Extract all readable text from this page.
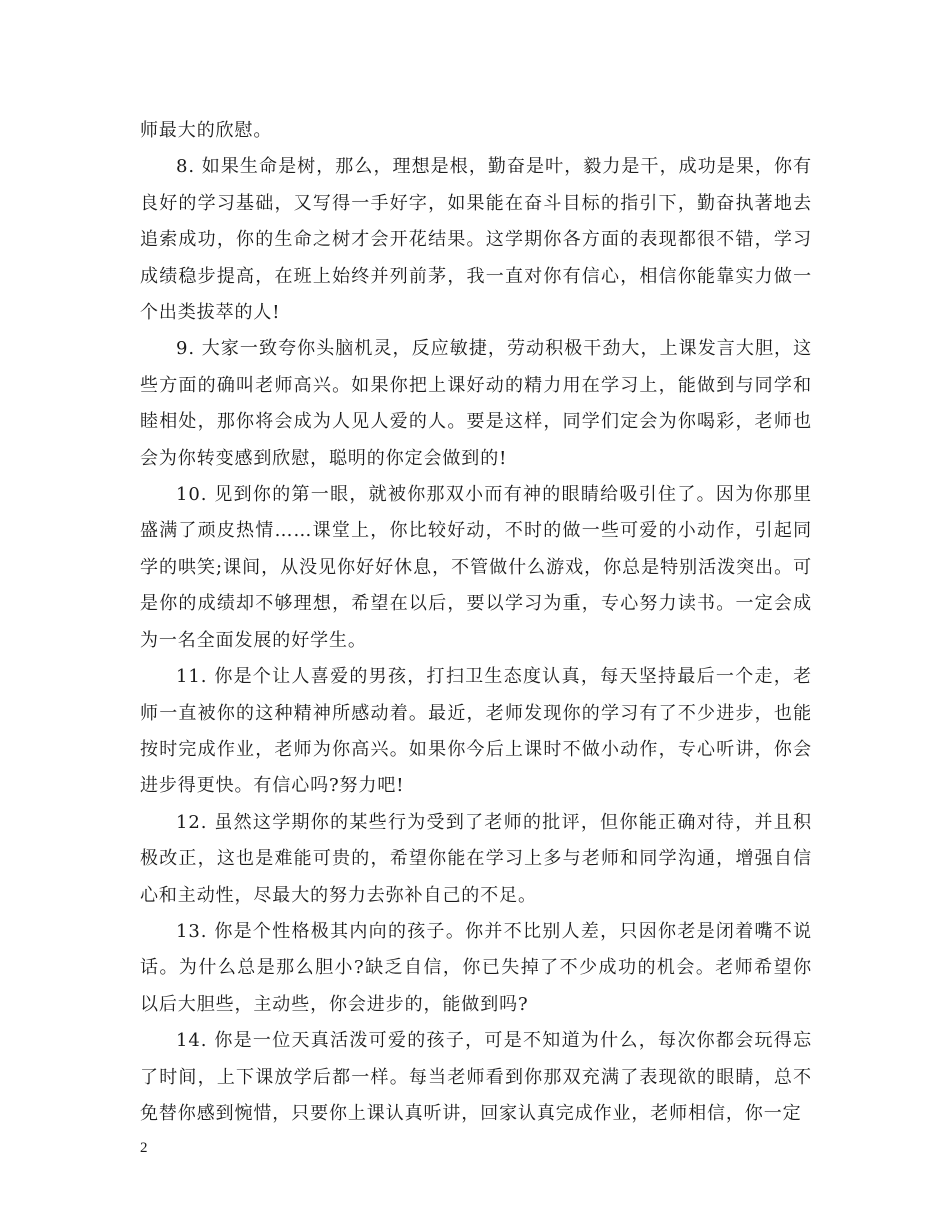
师最大的欣慰。

8. 如果生命是树，那么，理想是根，勤奋是叶，毅力是干，成功是果，你有良好的学习基础，又写得一手好字，如果能在奋斗目标的指引下，勤奋执著地去追索成功，你的生命之树才会开花结果。这学期你各方面的表现都很不错，学习成绩稳步提高，在班上始终并列前茅，我一直对你有信心，相信你能靠实力做一个出类拔萃的人!

9. 大家一致夸你头脑机灵，反应敏捷，劳动积极干劲大，上课发言大胆，这些方面的确叫老师高兴。如果你把上课好动的精力用在学习上，能做到与同学和睦相处，那你将会成为人见人爱的人。要是这样，同学们定会为你喝彩，老师也会为你转变感到欣慰，聪明的你定会做到的!

10. 见到你的第一眼，就被你那双小而有神的眼睛给吸引住了。因为你那里盛满了顽皮热情……课堂上，你比较好动，不时的做一些可爱的小动作，引起同学的哄笑;课间，从没见你好好休息，不管做什么游戏，你总是特别活泼突出。可是你的成绩却不够理想，希望在以后，要以学习为重，专心努力读书。一定会成为一名全面发展的好学生。

11. 你是个让人喜爱的男孩，打扫卫生态度认真，每天坚持最后一个走，老师一直被你的这种精神所感动着。最近，老师发现你的学习有了不少进步，也能按时完成作业，老师为你高兴。如果你今后上课时不做小动作，专心听讲，你会进步得更快。有信心吗?努力吧!

12. 虽然这学期你的某些行为受到了老师的批评，但你能正确对待，并且积极改正，这也是难能可贵的，希望你能在学习上多与老师和同学沟通，增强自信心和主动性，尽最大的努力去弥补自己的不足。

13. 你是个性格极其内向的孩子。你并不比别人差，只因你老是闭着嘴不说话。为什么总是那么胆小?缺乏自信，你已失掉了不少成功的机会。老师希望你以后大胆些，主动些，你会进步的，能做到吗?

14. 你是一位天真活泼可爱的孩子，可是不知道为什么，每次你都会玩得忘了时间，上下课放学后都一样。每当老师看到你那双充满了表现欲的眼睛，总不免替你感到惋惜，只要你上课认真听讲，回家认真完成作业，老师相信，你一定

2
